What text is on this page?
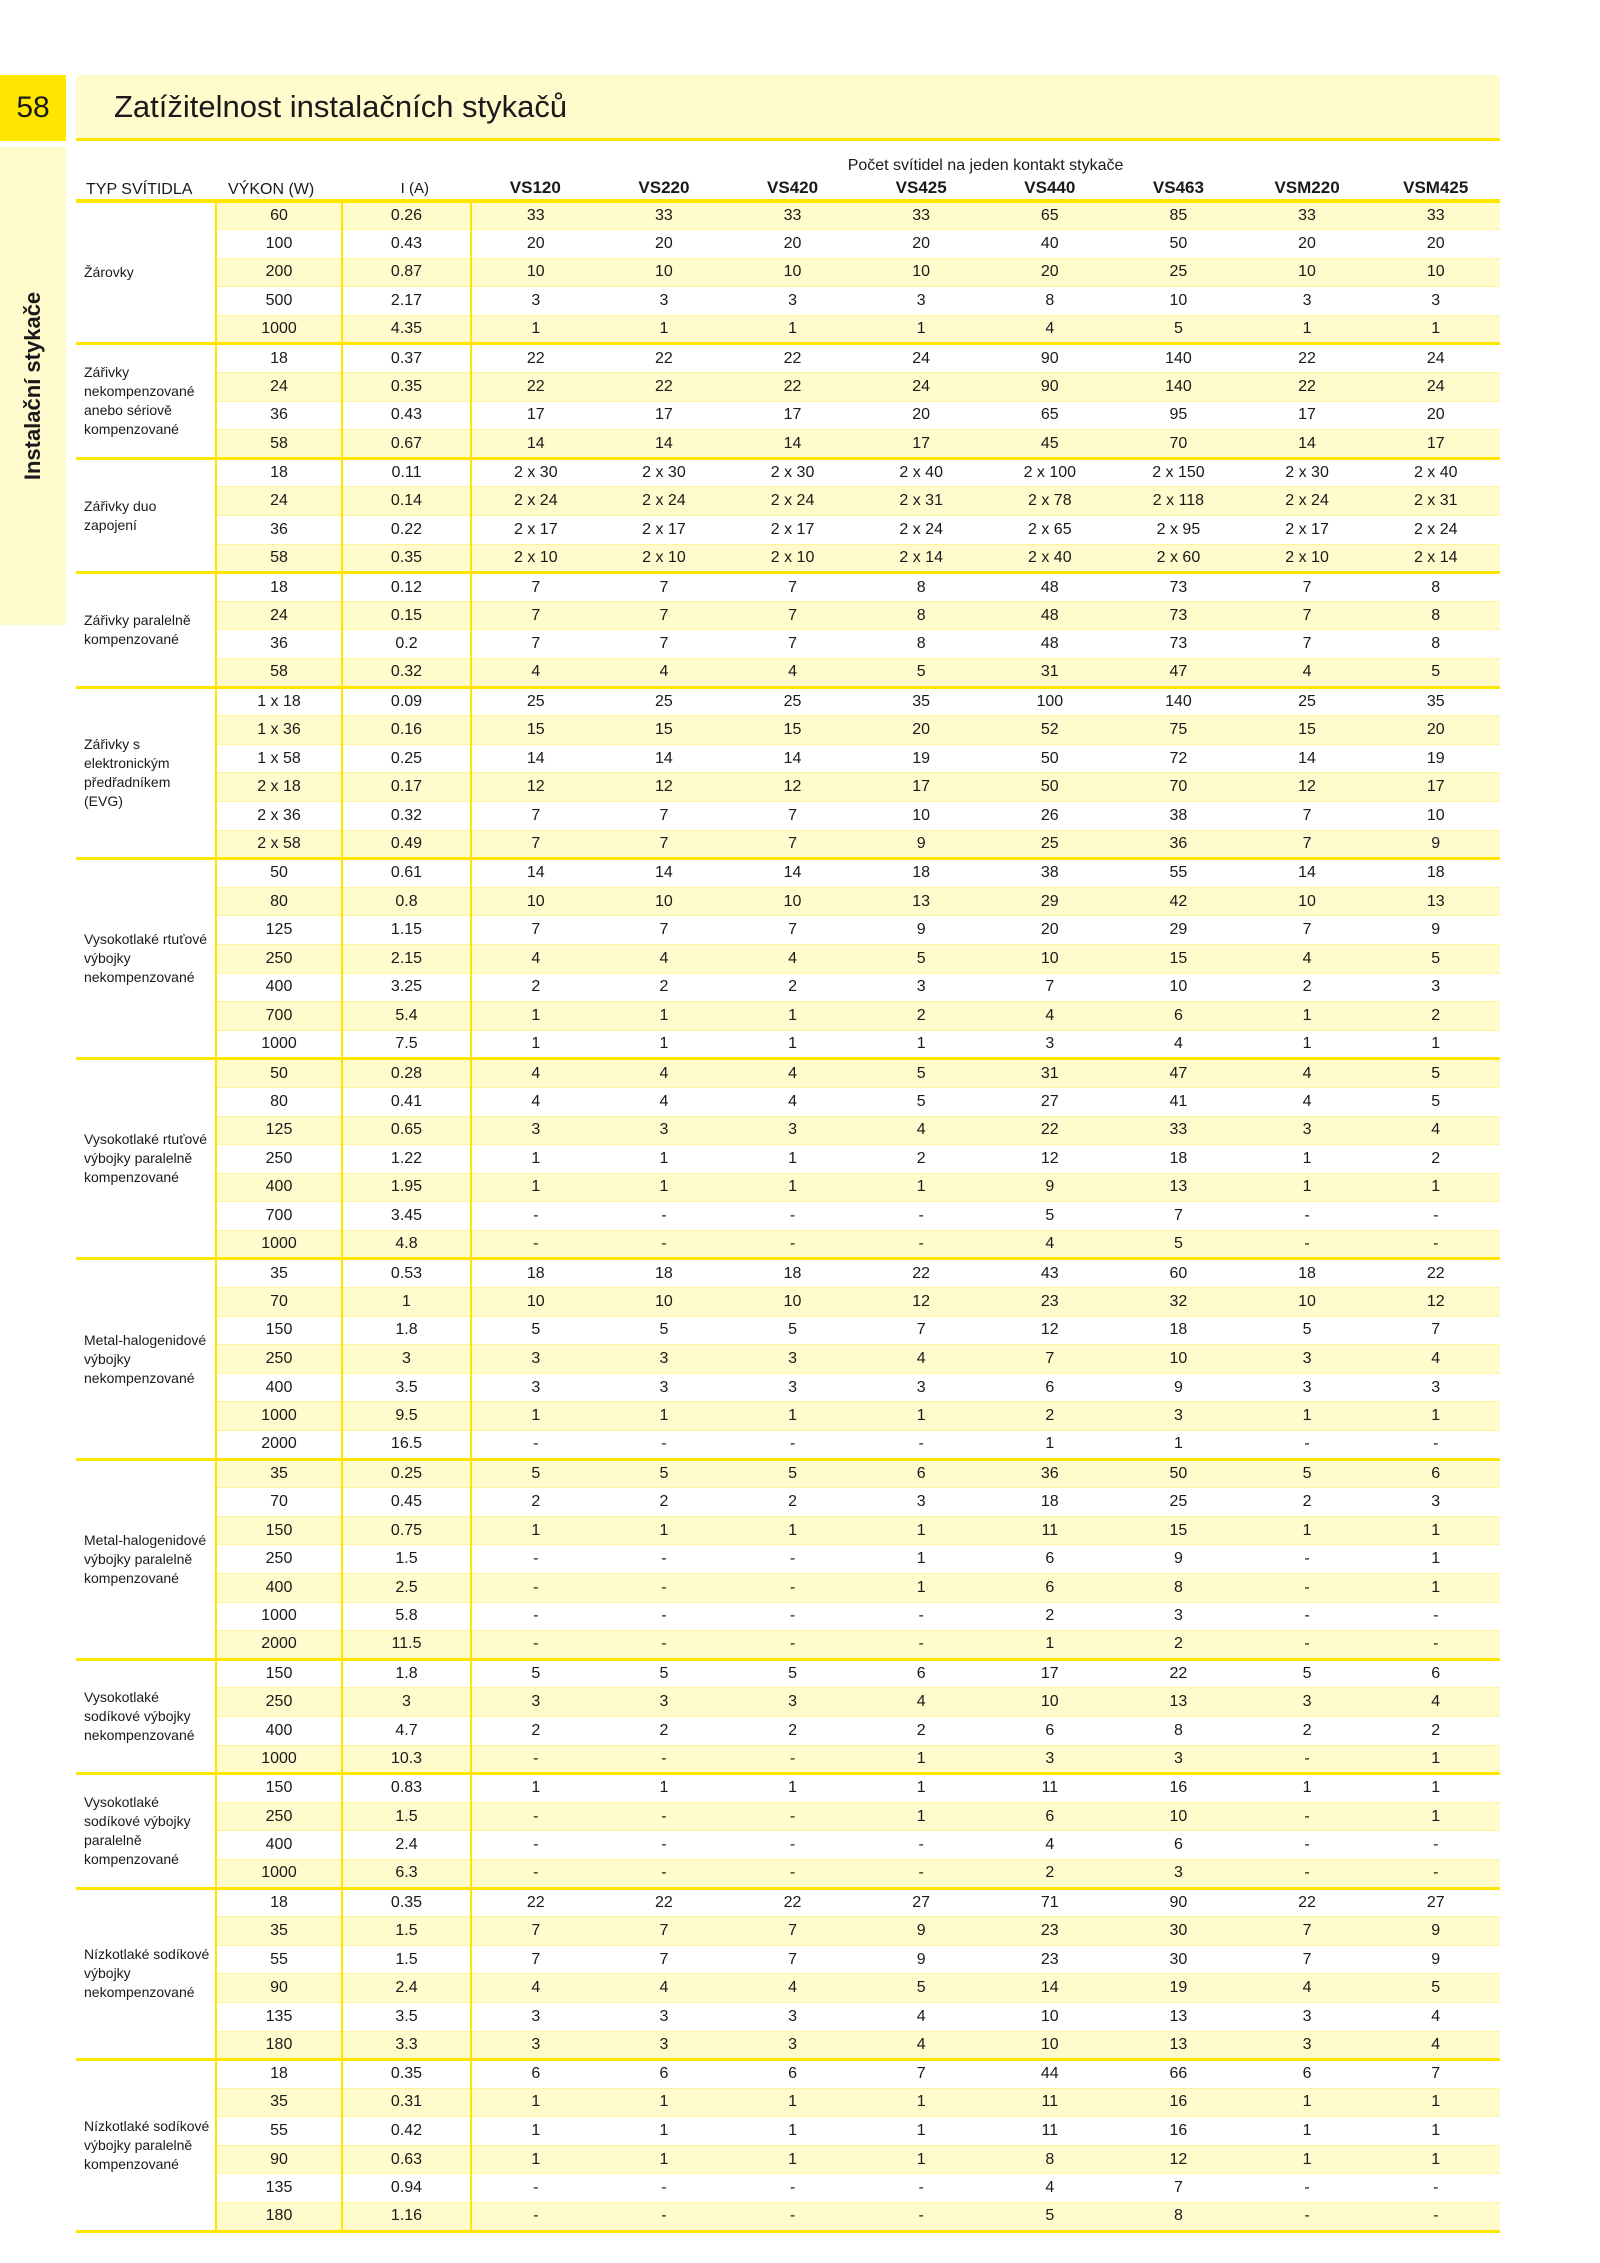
58	Zatížitelnost instalačních stykačů
Instalační stykače
TYP SVÍTIDLA	VÝKON (W)		Počet svítidel na jeden kontakt stykače							
		I (A)	VS120	VS220	VS420	VS425	VS440	VS463	VSM220	VSM425
Žárovky	60	0.26	33	33	33	33	65	85	33	33
	100	0.43	20	20	20	20	40	50	20	20
	200	0.87	10	10	10	10	20	25	10	10
	500	2.17	3	3	3	3	8	10	3	3
	1000	4.35	1	1	1	1	4	5	1	1
Zářivky nekompenzované anebo sériově kompenzované	18	0.37	22	22	22	24	90	140	22	24
	24	0.35	22	22	22	24	90	140	22	24
	36	0.43	17	17	17	20	65	95	17	20
	58	0.67	14	14	14	17	45	70	14	17
Zářivky duo zapojení	18	0.11	2 x 30	2 x 30	2 x 30	2 x 40	2 x 100	2 x 150	2 x 30	2 x 40
	24	0.14	2 x 24	2 x 24	2 x 24	2 x 31	2 x 78	2 x 118	2 x 24	2 x 31
	36	0.22	2 x 17	2 x 17	2 x 17	2 x 24	2 x 65	2 x 95	2 x 17	2 x 24
	58	0.35	2 x 10	2 x 10	2 x 10	2 x 14	2 x 40	2 x 60	2 x 10	2 x 14
Zářivky paralelně kompenzované	18	0.12	7	7	7	8	48	73	7	8
	24	0.15	7	7	7	8	48	73	7	8
	36	0.2	7	7	7	8	48	73	7	8
	58	0.32	4	4	4	5	31	47	4	5
Zářivky s elektronickým předřadníkem (EVG)	1 x 18	0.09	25	25	25	35	100	140	25	35
	1 x 36	0.16	15	15	15	20	52	75	15	20
	1 x 58	0.25	14	14	14	19	50	72	14	19
	2 x 18	0.17	12	12	12	17	50	70	12	17
	2 x 36	0.32	7	7	7	10	26	38	7	10
	2 x 58	0.49	7	7	7	9	25	36	7	9
Vysokotlaké rtuťové výbojky nekompenzované	50	0.61	14	14	14	18	38	55	14	18
	80	0.8	10	10	10	13	29	42	10	13
	125	1.15	7	7	7	9	20	29	7	9
	250	2.15	4	4	4	5	10	15	4	5
	400	3.25	2	2	2	3	7	10	2	3
	700	5.4	1	1	1	2	4	6	1	2
	1000	7.5	1	1	1	1	3	4	1	1
Vysokotlaké rtuťové výbojky paralelně kompenzované	50	0.28	4	4	4	5	31	47	4	5
	80	0.41	4	4	4	5	27	41	4	5
	125	0.65	3	3	3	4	22	33	3	4
	250	1.22	1	1	1	2	12	18	1	2
	400	1.95	1	1	1	1	9	13	1	1
	700	3.45	-	-	-	-	5	7	-	-
	1000	4.8	-	-	-	-	4	5	-	-
Metal-halogenidové výbojky nekompenzované	35	0.53	18	18	18	22	43	60	18	22
	70	1	10	10	10	12	23	32	10	12
	150	1.8	5	5	5	7	12	18	5	7
	250	3	3	3	3	4	7	10	3	4
	400	3.5	3	3	3	3	6	9	3	3
	1000	9.5	1	1	1	1	2	3	1	1
	2000	16.5	-	-	-	-	1	1	-	-
Metal-halogenidové výbojky paralelně kompenzované	35	0.25	5	5	5	6	36	50	5	6
	70	0.45	2	2	2	3	18	25	2	3
	150	0.75	1	1	1	1	11	15	1	1
	250	1.5	-	-	-	1	6	9	-	1
	400	2.5	-	-	-	1	6	8	-	1
	1000	5.8	-	-	-	-	2	3	-	-
	2000	11.5	-	-	-	-	1	2	-	-
Vysokotlaké sodíkové výbojky nekompenzované	150	1.8	5	5	5	6	17	22	5	6
	250	3	3	3	3	4	10	13	3	4
	400	4.7	2	2	2	2	6	8	2	2
	1000	10.3	-	-	-	1	3	3	-	1
Vysokotlaké sodíkové výbojky paralelně kompenzované	150	0.83	1	1	1	1	11	16	1	1
	250	1.5	-	-	-	1	6	10	-	1
	400	2.4	-	-	-	-	4	6	-	-
	1000	6.3	-	-	-	-	2	3	-	-
Nízkotlaké sodíkové výbojky nekompenzované	18	0.35	22	22	22	27	71	90	22	27
	35	1.5	7	7	7	9	23	30	7	9
	55	1.5	7	7	7	9	23	30	7	9
	90	2.4	4	4	4	5	14	19	4	5
	135	3.5	3	3	3	4	10	13	3	4
	180	3.3	3	3	3	4	10	13	3	4
Nízkotlaké sodíkové výbojky paralelně kompenzované	18	0.35	6	6	6	7	44	66	6	7
	35	0.31	1	1	1	1	11	16	1	1
	55	0.42	1	1	1	1	11	16	1	1
	90	0.63	1	1	1	1	8	12	1	1
	135	0.94	-	-	-	-	4	7	-	-
	180	1.16	-	-	-	-	5	8	-	-
